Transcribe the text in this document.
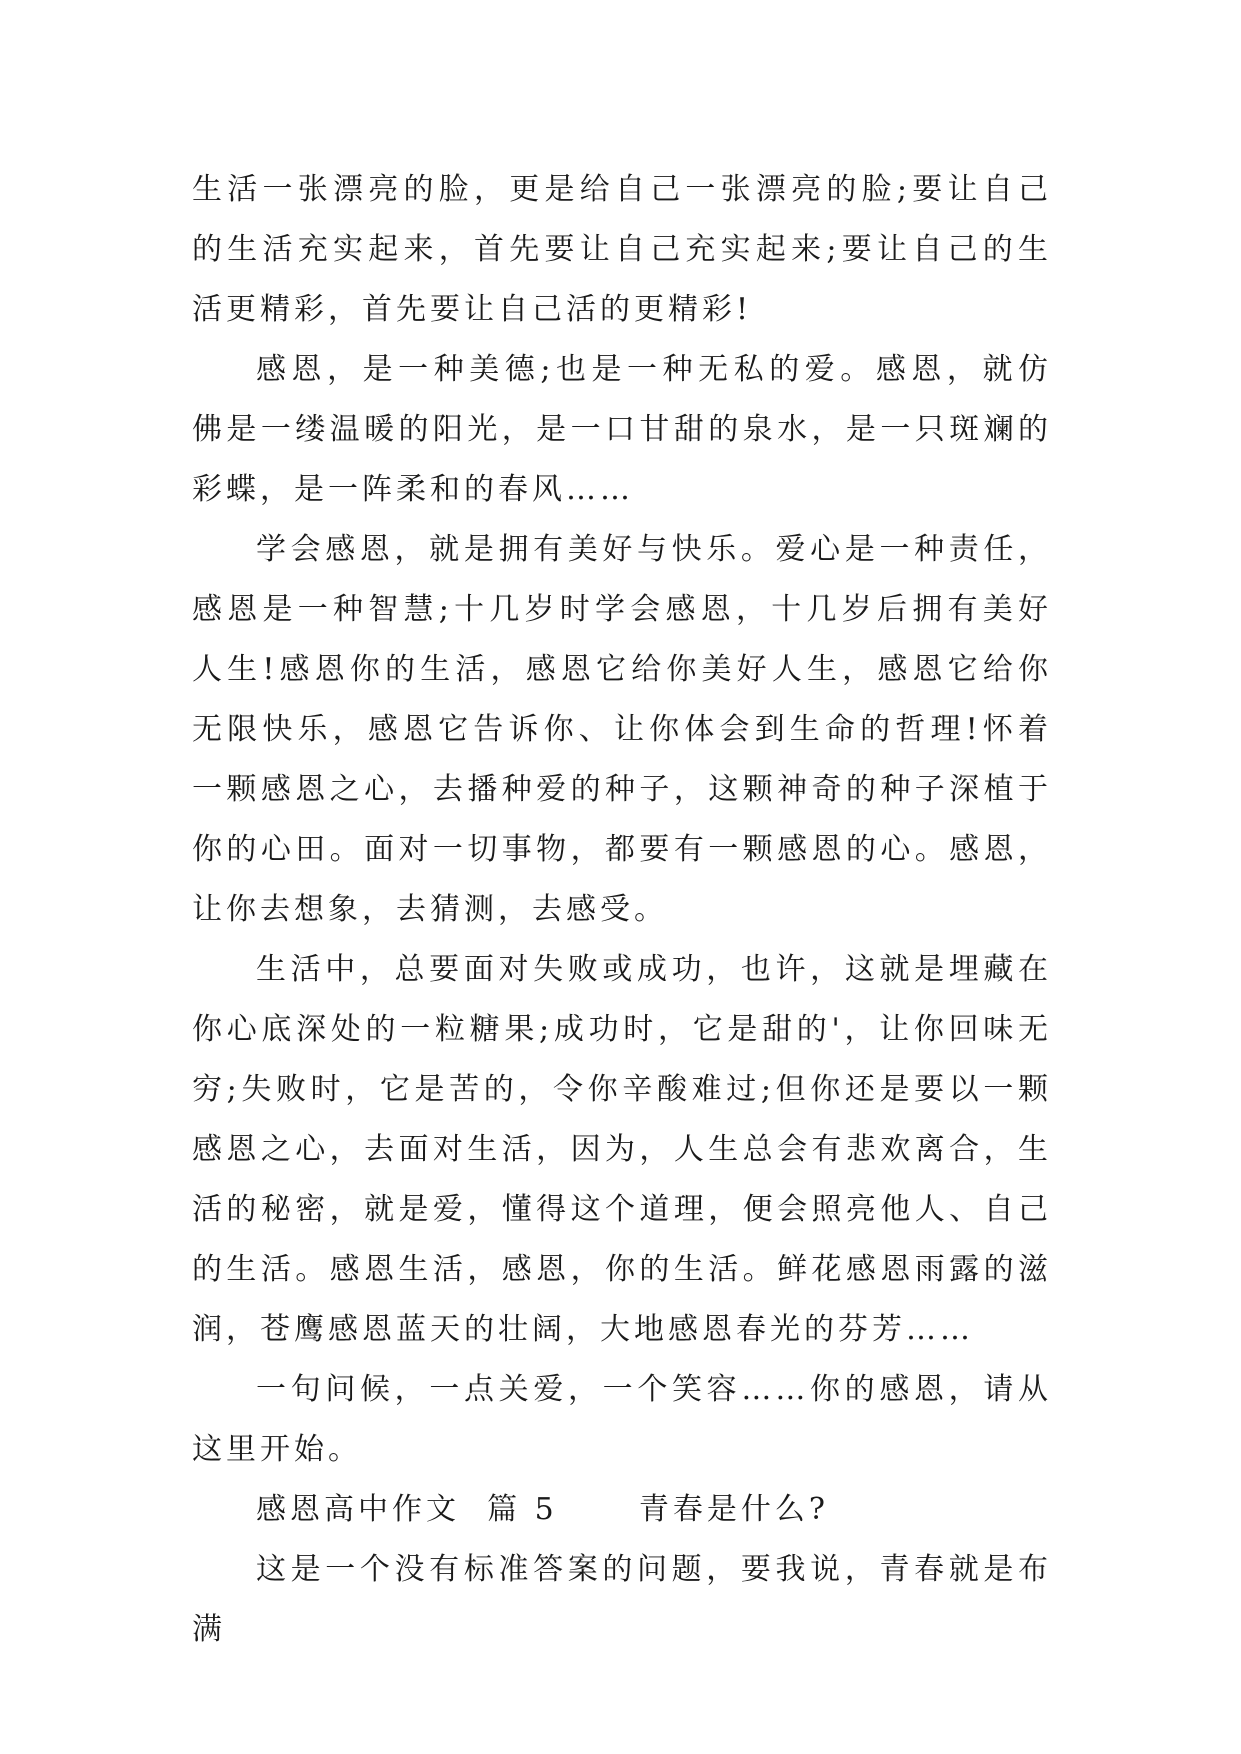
生活一张漂亮的脸，更是给自己一张漂亮的脸;要让自己的生活充实起来，首先要让自己充实起来;要让自己的生活更精彩，首先要让自己活的更精彩!

感恩，是一种美德;也是一种无私的爱。感恩，就仿佛是一缕温暖的阳光，是一口甘甜的泉水，是一只斑斓的彩蝶，是一阵柔和的春风……

学会感恩，就是拥有美好与快乐。爱心是一种责任，感恩是一种智慧;十几岁时学会感恩，十几岁后拥有美好人生!感恩你的生活，感恩它给你美好人生，感恩它给你无限快乐，感恩它告诉你、让你体会到生命的哲理!怀着一颗感恩之心，去播种爱的种子，这颗神奇的种子深植于你的心田。面对一切事物，都要有一颗感恩的心。感恩，让你去想象，去猜测，去感受。

生活中，总要面对失败或成功，也许，这就是埋藏在你心底深处的一粒糖果;成功时，它是甜的'，让你回味无穷;失败时，它是苦的，令你辛酸难过;但你还是要以一颗感恩之心，去面对生活，因为，人生总会有悲欢离合，生活的秘密，就是爱，懂得这个道理，便会照亮他人、自己的生活。感恩生活，感恩，你的生活。鲜花感恩雨露的滋润，苍鹰感恩蓝天的壮阔，大地感恩春光的芬芳……

一句问候，一点关爱，一个笑容……你的感恩，请从这里开始。

感恩高中作文 篇 5	青春是什么?

这是一个没有标准答案的问题，要我说，青春就是布满
